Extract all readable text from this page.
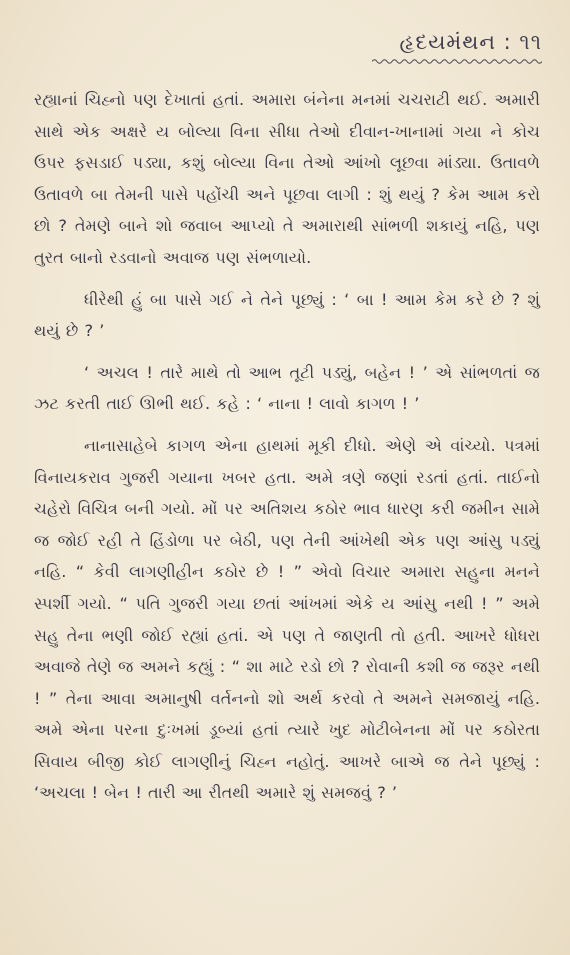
હૃદયમંથન : ૧૧

રહ્યાનાં ચિહ્નો પણ દેખાતાં હતાં. અમારા બંનેના મનમાં ચચરાટી થઈ. અમારી સાથે એક અક્ષરે ય બોલ્યા વિના સીધા તેઓ દીવાન-ખાનામાં ગયા ને કોચ ઉપર ફસડાઈ પડ્યા, કશું બોલ્યા વિના તેઓ આંખો લૂછવા માંડ્યા. ઉતાવળે ઉતાવળે બા તેમની પાસે પહોંચી અને પૂછવા લાગી : શું થયું ? કેમ આમ કરો છો ? તેમણે બાને શો જવાબ આપ્યો તે અમારાથી સાંભળી શકાયું નહિ, પણ તુરત બાનો રડવાનો અવાજ પણ સંભળાયો.

ધીરેથી હું બા પાસે ગઈ ને તેને પૂછ્યું : ‘ બા ! આમ કેમ કરે છે ? શું થયું છે ? ’

‘ અચલ ! તારે માથે તો આભ તૂટી પડ્યું, બહેન ! ’ એ સાંભળતાં જ ઝટ કરતી તાઈ ઊભી થઈ. કહે : ‘ નાના ! લાવો કાગળ ! ’

નાનાસાહેબે કાગળ એના હાથમાં મૂકી દીધો. એણે એ વાંચ્યો. પત્રમાં વિનાયકરાવ ગુજરી ગયાના ખબર હતા. અમે ત્રણે જણાં રડતાં હતાં. તાઈનો ચહેરો વિચિત્ર બની ગયો. મોં પર અતિશય કઠોર ભાવ ધારણ કરી જમીન સામે જ જોઈ રહી તે હિંડોળા પર બેઠી, પણ તેની આંખેથી એક પણ આંસુ પડ્યું નહિ. “ કેવી લાગણીહીન કઠોર છે ! ” એવો વિચાર અમારા સહુના મનને સ્પર્શી ગયો. “ પતિ ગુજરી ગયા છતાં આંખમાં એકે ય આંસુ નથી ! ” અમે સહુ તેના ભણી જોઈ રહ્યાં હતાં. એ પણ તે જાણતી તો હતી. આખરે ધોધરા અવાજે તેણે જ અમને કહ્યું : “ શા માટે રડો છો ? રોવાની કશી જ જરૂર નથી ! ” તેના આવા અમાનુષી વર્તનનો શો અર્થ કરવો તે અમને સમજાયું નહિ. અમે એના પરના દુઃખમાં ડૂબ્યાં હતાં ત્યારે ખુદ મોટીબેનના મોં પર કઠોરતા સિવાય બીજી કોઈ લાગણીનું ચિહ્ન નહોતું. આખરે બાએ જ તેને પૂછ્યું : ‘અચલા ! બેન ! તારી આ રીતથી અમારે શું સમજવું ? ’
